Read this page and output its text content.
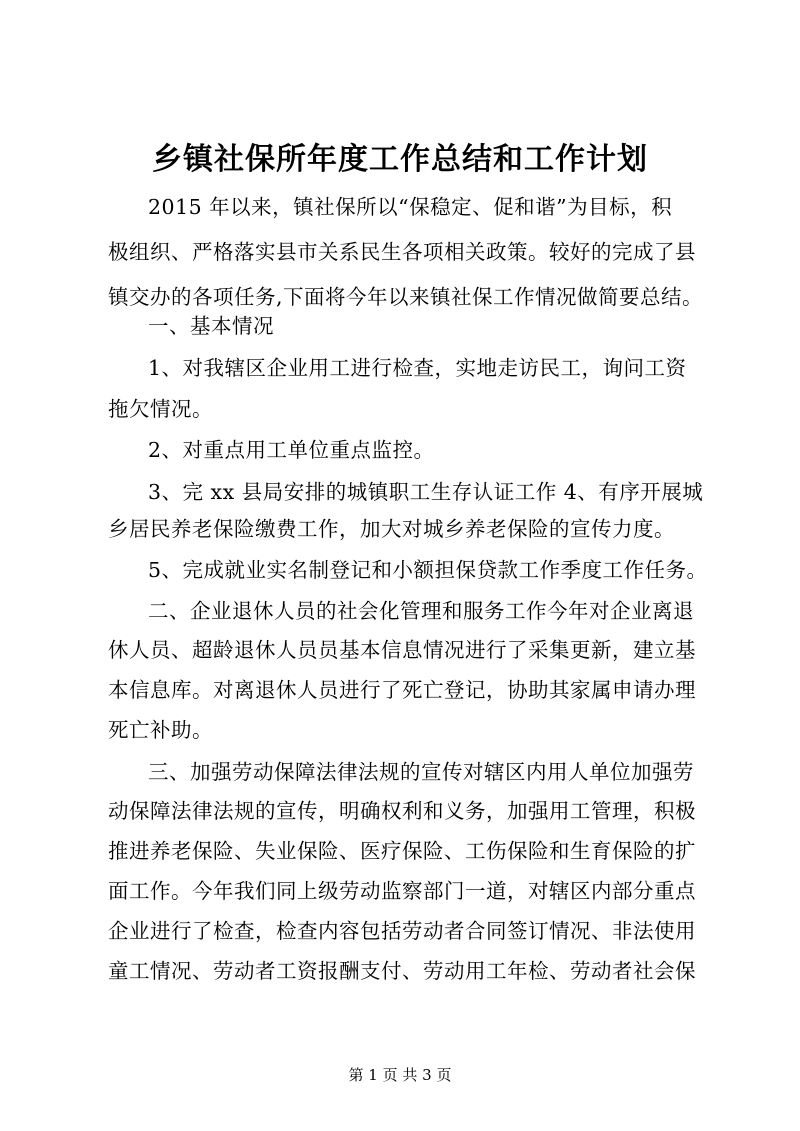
乡镇社保所年度工作总结和工作计划
2015 年以来，镇社保所以“保稳定、促和谐”为目标，积
极组织、严格落实县市关系民生各项相关政策。较好的完成了县
镇交办的各项任务,下面将今年以来镇社保工作情况做简要总结。
一、基本情况
1、对我辖区企业用工进行检查，实地走访民工，询问工资
拖欠情况。
2、对重点用工单位重点监控。
3、完 xx 县局安排的城镇职工生存认证工作 4、有序开展城
乡居民养老保险缴费工作，加大对城乡养老保险的宣传力度。
5、完成就业实名制登记和小额担保贷款工作季度工作任务。
二、企业退休人员的社会化管理和服务工作今年对企业离退
休人员、超龄退休人员员基本信息情况进行了采集更新，建立基
本信息库。对离退休人员进行了死亡登记，协助其家属申请办理
死亡补助。
三、加强劳动保障法律法规的宣传对辖区内用人单位加强劳
动保障法律法规的宣传，明确权利和义务，加强用工管理，积极
推进养老保险、失业保险、医疗保险、工伤保险和生育保险的扩
面工作。今年我们同上级劳动监察部门一道，对辖区内部分重点
企业进行了检查，检查内容包括劳动者合同签订情况、非法使用
童工情况、劳动者工资报酬支付、劳动用工年检、劳动者社会保
第 1 页 共 3 页
